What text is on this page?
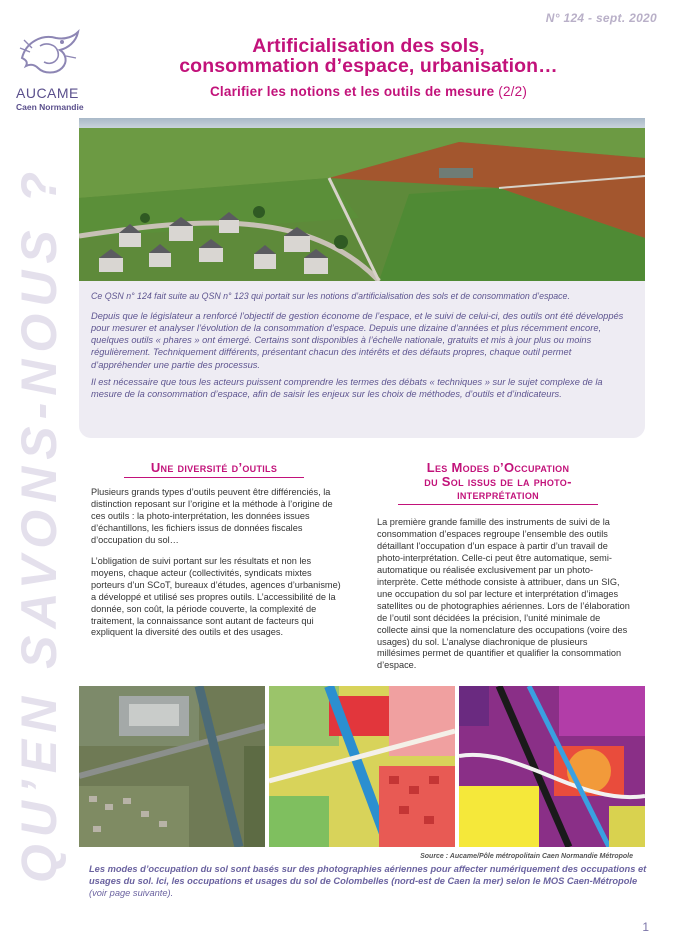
N° 124 - sept. 2020
AUCAME
Caen Normandie
Artificialisation des sols,
consommation d’espace, urbanisation…
Clarifier les notions et les outils de mesure (2/2)
QU’EN SAVONS-NOUS ?	Ce QSN n° 124 fait suite au QSN n° 123 qui portait sur les notions d’artificialisation des sols et de consommation d’espace.

Depuis que le législateur a renforcé l’objectif de gestion économe de l’espace, et le suivi de celui-ci, des outils ont été développés pour mesurer et analyser l’évolution de la consommation d’espace. Depuis une dizaine d’années et plus récemment encore, quelques outils « phares » ont émergé. Certains sont disponibles à l’échelle nationale, gratuits et mis à jour plus ou moins régulièrement. Techniquement différents, présentant chacun des intérêts et des défauts propres, chaque outil permet d’appréhender une partie des processus.

Il est nécessaire que tous les acteurs puissent comprendre les termes des débats « techniques » sur le sujet complexe de la mesure de la consommation d’espace, afin de saisir les enjeux sur les choix de méthodes, d’outils et d’indicateurs.

Une diversité d’outils

Plusieurs grands types d’outils peuvent être différenciés, la distinction reposant sur l’origine et la méthode à l’origine de ces outils : la photo-interprétation, les données issues d’échantillons, les fichiers issus de données fiscales d’occupation du sol…

L’obligation de suivi portant sur les résultats et non les moyens, chaque acteur (collectivités, syndicats mixtes porteurs d’un SCoT, bureaux d’études, agences d’urbanisme) a développé et utilisé ses propres outils. L’accessibilité de la donnée, son coût, la période couverte, la complexité de traitement, la connaissance sont autant de facteurs qui expliquent la diversité des outils et des usages.

Les Modes d’Occupation
du Sol issus de la photo-
interprétation

La première grande famille des instruments de suivi de la consommation d’espaces regroupe l’ensemble des outils détaillant l’occupation d’un espace à partir d’un travail de photo-interprétation. Celle-ci peut être automatique, semi-automatique ou réalisée exclusivement par un photo-interprète. Cette méthode consiste à attribuer, dans un SIG, une occupation du sol par lecture et interprétation d’images satellites ou de photographies aériennes. Lors de l’élaboration de l’outil sont décidées la précision, l’unité minimale de collecte ainsi que la nomenclature des occupations (voire des usages) du sol. L’analyse diachronique de plusieurs millésimes permet de quantifier et qualifier la consommation d’espace.

Source : Aucame/Pôle métropolitain Caen Normandie Métropole

Les modes d’occupation du sol sont basés sur des photographies aériennes pour affecter numériquement des occupations et usages du sol. Ici, les occupations et usages du sol de Colombelles (nord-est de Caen la mer) selon le MOS Caen-Métropole (voir page suivante).

1
